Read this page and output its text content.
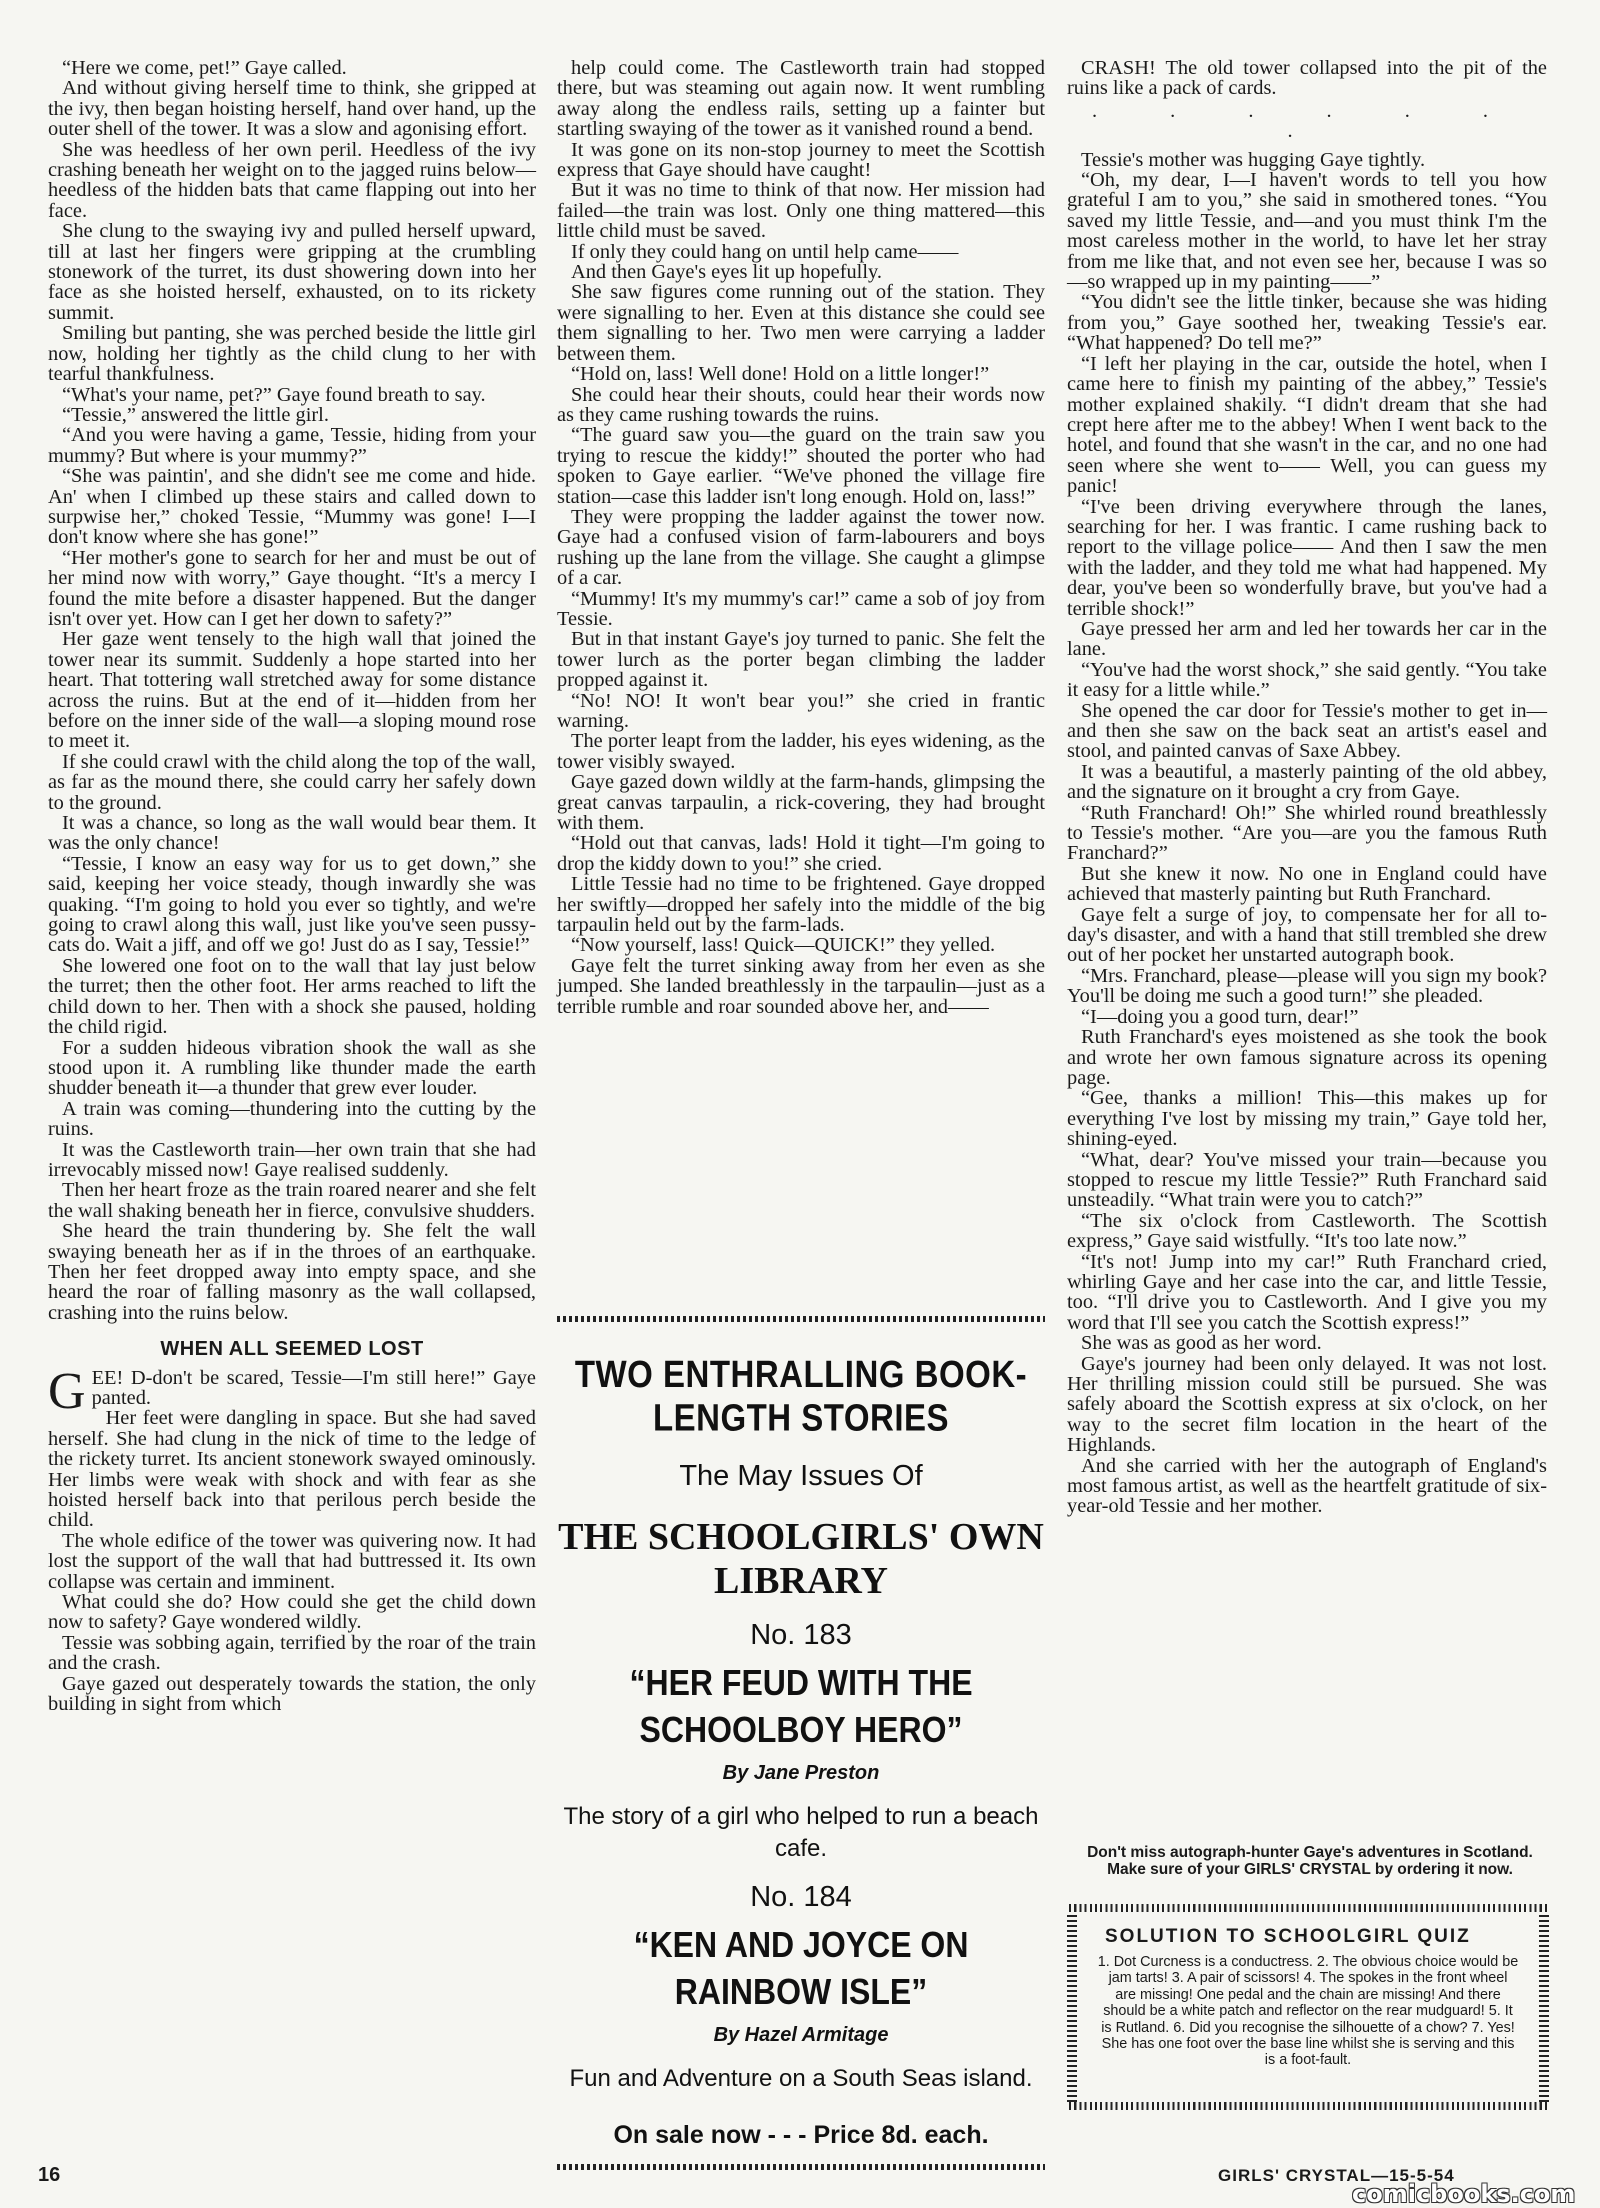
“Here we come, pet!” Gaye called.

And without giving herself time to think, she gripped at the ivy, then began hoisting herself, hand over hand, up the outer shell of the tower. It was a slow and agonising effort.

She was heedless of her own peril. Heedless of the ivy crashing beneath her weight on to the jagged ruins below—heedless of the hidden bats that came flapping out into her face.

She clung to the swaying ivy and pulled herself upward, till at last her fingers were gripping at the crumbling stonework of the turret, its dust showering down into her face as she hoisted herself, exhausted, on to its rickety summit.

Smiling but panting, she was perched beside the little girl now, holding her tightly as the child clung to her with tearful thankfulness.

“What's your name, pet?” Gaye found breath to say.

“Tessie,” answered the little girl.

“And you were having a game, Tessie, hiding from your mummy? But where is your mummy?”

“She was paintin', and she didn't see me come and hide. An' when I climbed up these stairs and called down to surpwise her,” choked Tessie, “Mummy was gone! I—I don't know where she has gone!”

“Her mother's gone to search for her and must be out of her mind now with worry,” Gaye thought. “It's a mercy I found the mite before a disaster happened. But the danger isn't over yet. How can I get her down to safety?”

Her gaze went tensely to the high wall that joined the tower near its summit. Suddenly a hope started into her heart. That tottering wall stretched away for some distance across the ruins. But at the end of it—hidden from her before on the inner side of the wall—a sloping mound rose to meet it.

If she could crawl with the child along the top of the wall, as far as the mound there, she could carry her safely down to the ground.

It was a chance, so long as the wall would bear them. It was the only chance!

“Tessie, I know an easy way for us to get down,” she said, keeping her voice steady, though inwardly she was quaking. “I'm going to hold you ever so tightly, and we're going to crawl along this wall, just like you've seen pussy-cats do. Wait a jiff, and off we go! Just do as I say, Tessie!”

She lowered one foot on to the wall that lay just below the turret; then the other foot. Her arms reached to lift the child down to her. Then with a shock she paused, holding the child rigid.

For a sudden hideous vibration shook the wall as she stood upon it. A rumbling like thunder made the earth shudder beneath it—a thunder that grew ever louder.

A train was coming—thundering into the cutting by the ruins.

It was the Castleworth train—her own train that she had irrevocably missed now! Gaye realised suddenly.

Then her heart froze as the train roared nearer and she felt the wall shaking beneath her in fierce, convulsive shudders.

She heard the train thundering by. She felt the wall swaying beneath her as if in the throes of an earthquake. Then her feet dropped away into empty space, and she heard the roar of falling masonry as the wall collapsed, crashing into the ruins below.

WHEN ALL SEEMED LOST

GEE! D-don't be scared, Tessie—I'm still here!” Gaye panted.

Her feet were dangling in space. But she had saved herself. She had clung in the nick of time to the ledge of the rickety turret. Its ancient stonework swayed ominously. Her limbs were weak with shock and with fear as she hoisted herself back into that perilous perch beside the child.

The whole edifice of the tower was quivering now. It had lost the support of the wall that had buttressed it. Its own collapse was certain and imminent.

What could she do? How could she get the child down now to safety? Gaye wondered wildly.

Tessie was sobbing again, terrified by the roar of the train and the crash.

Gaye gazed out desperately towards the station, the only building in sight from which

help could come. The Castleworth train had stopped there, but was steaming out again now. It went rumbling away along the endless rails, setting up a fainter but startling swaying of the tower as it vanished round a bend.

It was gone on its non-stop journey to meet the Scottish express that Gaye should have caught!

But it was no time to think of that now. Her mission had failed—the train was lost. Only one thing mattered—this little child must be saved.

If only they could hang on until help came——

And then Gaye's eyes lit up hopefully.

She saw figures come running out of the station. They were signalling to her. Even at this distance she could see them signalling to her. Two men were carrying a ladder between them.

“Hold on, lass! Well done! Hold on a little longer!”

She could hear their shouts, could hear their words now as they came rushing towards the ruins.

“The guard saw you—the guard on the train saw you trying to rescue the kiddy!” shouted the porter who had spoken to Gaye earlier. “We've phoned the village fire station—case this ladder isn't long enough. Hold on, lass!”

They were propping the ladder against the tower now. Gaye had a confused vision of farm-labourers and boys rushing up the lane from the village. She caught a glimpse of a car.

“Mummy! It's my mummy's car!” came a sob of joy from Tessie.

But in that instant Gaye's joy turned to panic. She felt the tower lurch as the porter began climbing the ladder propped against it.

“No! NO! It won't bear you!” she cried in frantic warning.

The porter leapt from the ladder, his eyes widening, as the tower visibly swayed.

Gaye gazed down wildly at the farm-hands, glimpsing the great canvas tarpaulin, a rick-covering, they had brought with them.

“Hold out that canvas, lads! Hold it tight—I'm going to drop the kiddy down to you!” she cried.

Little Tessie had no time to be frightened. Gaye dropped her swiftly—dropped her safely into the middle of the big tarpaulin held out by the farm-lads.

“Now yourself, lass! Quick—QUICK!” they yelled.

Gaye felt the turret sinking away from her even as she jumped. She landed breathlessly in the tarpaulin—just as a terrible rumble and roar sounded above her, and——

TWO ENTHRALLING BOOK-LENGTH STORIES
The May Issues Of
THE SCHOOLGIRLS' OWN LIBRARY
No. 183
“HER FEUD WITH THE SCHOOLBOY HERO”
By Jane Preston
The story of a girl who helped to run a beach cafe.
No. 184
“KEN AND JOYCE ON RAINBOW ISLE”
By Hazel Armitage
Fun and Adventure on a South Seas island.
On sale now - - - Price 8d. each.

CRASH! The old tower collapsed into the pit of the ruins like a pack of cards.

. . . . . . .

Tessie's mother was hugging Gaye tightly.

“Oh, my dear, I—I haven't words to tell you how grateful I am to you,” she said in smothered tones. “You saved my little Tessie, and—and you must think I'm the most careless mother in the world, to have let her stray from me like that, and not even see her, because I was so—so wrapped up in my painting——”

“You didn't see the little tinker, because she was hiding from you,” Gaye soothed her, tweaking Tessie's ear. “What happened? Do tell me?”

“I left her playing in the car, outside the hotel, when I came here to finish my painting of the abbey,” Tessie's mother explained shakily. “I didn't dream that she had crept here after me to the abbey! When I went back to the hotel, and found that she wasn't in the car, and no one had seen where she went to—— Well, you can guess my panic!

“I've been driving everywhere through the lanes, searching for her. I was frantic. I came rushing back to report to the village police—— And then I saw the men with the ladder, and they told me what had happened. My dear, you've been so wonderfully brave, but you've had a terrible shock!”

Gaye pressed her arm and led her towards her car in the lane.

“You've had the worst shock,” she said gently. “You take it easy for a little while.”

She opened the car door for Tessie's mother to get in—and then she saw on the back seat an artist's easel and stool, and painted canvas of Saxe Abbey.

It was a beautiful, a masterly painting of the old abbey, and the signature on it brought a cry from Gaye.

“Ruth Franchard! Oh!” She whirled round breathlessly to Tessie's mother. “Are you—are you the famous Ruth Franchard?”

But she knew it now. No one in England could have achieved that masterly painting but Ruth Franchard.

Gaye felt a surge of joy, to compensate her for all to-day's disaster, and with a hand that still trembled she drew out of her pocket her unstarted autograph book.

“Mrs. Franchard, please—please will you sign my book? You'll be doing me such a good turn!” she pleaded.

“I—doing you a good turn, dear!”

Ruth Franchard's eyes moistened as she took the book and wrote her own famous signature across its opening page.

“Gee, thanks a million! This—this makes up for everything I've lost by missing my train,” Gaye told her, shining-eyed.

“What, dear? You've missed your train—because you stopped to rescue my little Tessie?” Ruth Franchard said unsteadily. “What train were you to catch?”

“The six o'clock from Castleworth. The Scottish express,” Gaye said wistfully. “It's too late now.”

“It's not! Jump into my car!” Ruth Franchard cried, whirling Gaye and her case into the car, and little Tessie, too. “I'll drive you to Castleworth. And I give you my word that I'll see you catch the Scottish express!”

She was as good as her word.

Gaye's journey had been only delayed. It was not lost. Her thrilling mission could still be pursued. She was safely aboard the Scottish express at six o'clock, on her way to the secret film location in the heart of the Highlands.

And she carried with her the autograph of England's most famous artist, as well as the heartfelt gratitude of six-year-old Tessie and her mother.

Don't miss autograph-hunter Gaye's adventures in Scotland. Make sure of your GIRLS' CRYSTAL by ordering it now.
SOLUTION TO SCHOOLGIRL QUIZ
1. Dot Curcness is a conductress. 2. The obvious choice would be jam tarts! 3. A pair of scissors! 4. The spokes in the front wheel are missing! One pedal and the chain are missing! And there should be a white patch and reflector on the rear mudguard! 5. It is Rutland. 6. Did you recognise the silhouette of a chow? 7. Yes! She has one foot over the base line whilst she is serving and this is a foot-fault.
16	GIRLS' CRYSTAL—15-5-54
comicbooks.com
